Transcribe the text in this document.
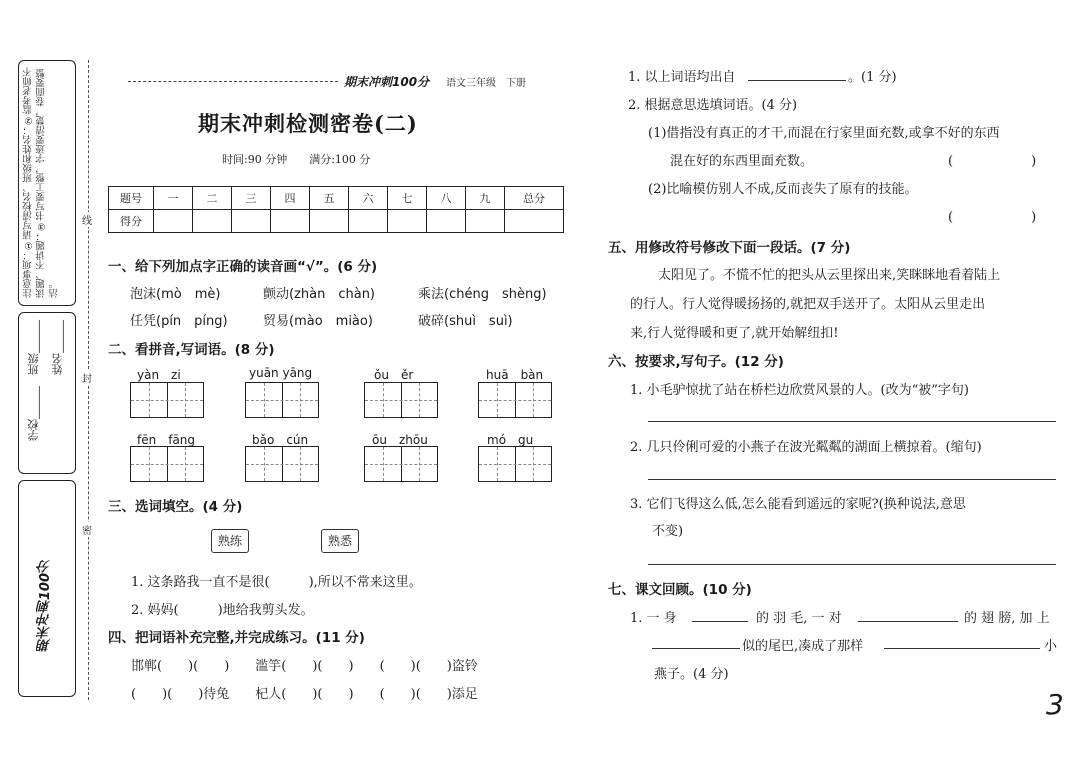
注意事项：①请写清校名、班级和姓名；②监考老师不读题、不讲题；③书写要工整，字迹要清楚，卷面要整洁。
学校______　班级______ 姓名______
期末冲刺100分
线
封
密
期末冲刺100分 语文三年级　下册
期末冲刺检测密卷(二)
时间:90 分钟　　满分:100 分
题号	一	二	三	四	五	六	七	八	九	总分
得分										
一、给下列加点字正确的读音画“√”。(6 分)
泡沫(mò　mè)	颤动(zhàn　chàn)	乘法(chéng　shèng)
任凭(pín　píng)	贸易(mào　miào)	破碎(shuì　suì)
二、看拼音,写词语。(8 分)
yàn　zi	yuān yāng	ǒu　ěr	huā　bàn
fēn　fāng	bǎo　cún	ōu　zhōu	mó　gu
三、选词填空。(4 分)
熟练	熟悉
1. 这条路我一直不是很(　　　),所以不常来这里。
2. 妈妈(　　　)地给我剪头发。
四、把词语补充完整,并完成练习。(11 分)
邯郸(　　)(　　)　　滥竽(　　)(　　)　　(　　)(　　)盗铃
(　　)(　　)待兔　　杞人(　　)(　　)　　(　　)(　　)添足
1. 以上词语均出自	。(1 分)
2. 根据意思选填词语。(4 分)
(1)借指没有真正的才干,而混在行家里面充数,或拿不好的东西
混在好的东西里面充数。	(　　　　　　)
(2)比喻模仿别人不成,反而丧失了原有的技能。
(　　　　　　)
五、用修改符号修改下面一段话。(7 分)
太阳见了。不慌不忙的把头从云里探出来,笑眯眯地看着陆上
的行人。行人觉得暖扬扬的,就把双手送开了。太阳从云里走出
来,行人觉得暖和更了,就开始解纽扣!
六、按要求,写句子。(12 分)
1. 小毛驴惊扰了站在桥栏边欣赏风景的人。(改为“被”字句)
2. 几只伶俐可爱的小燕子在波光粼粼的湖面上横掠着。(缩句)
3. 它们飞得这么低,怎么能看到遥远的家呢?(换种说法,意思
不变)
七、课文回顾。(10 分)
1. 一 身	的 羽 毛, 一 对	的 翅 膀, 加 上
似的尾巴,凑成了那样	小
燕子。(4 分)
3
